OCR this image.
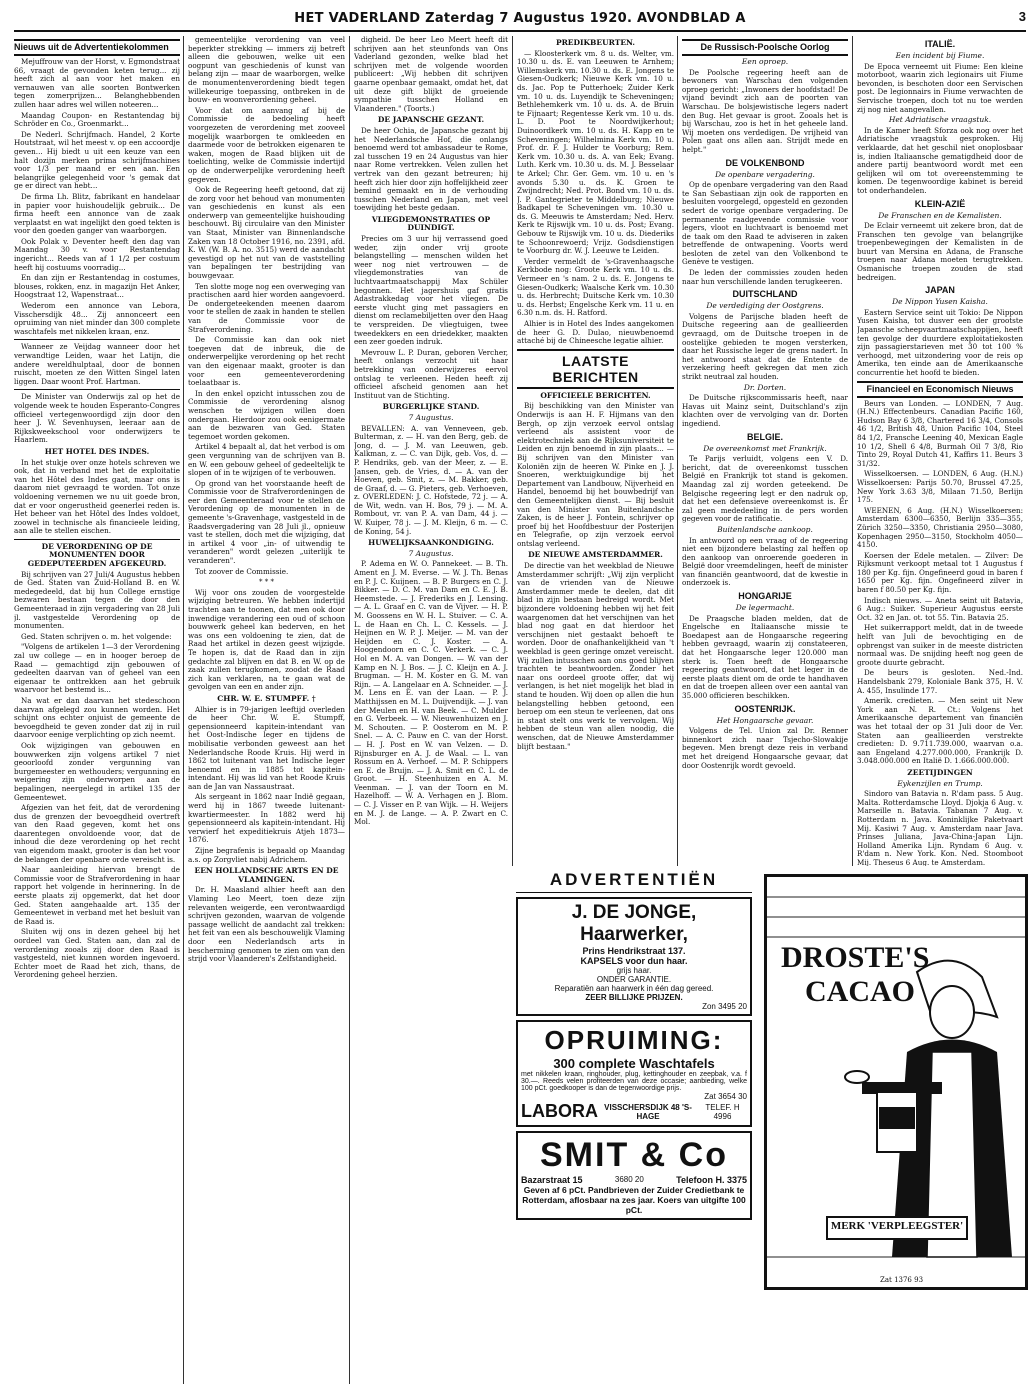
HET VADERLAND Zaterdag 7 Augustus 1920. AVONDBLAD A	3
Nieuws uit de Advertentiekolommen

Mejuffrouw van der Horst, v. Egmondstraat 66, vraagt de gevonden keten terug... zij heeft zich al aan voor het maken en vernauwen van alle soorten Bontwerken tegen zomerprijzen... Belanghebbenden zullen haar adres wel willen noteeren...

Maandag Coupon- en Restantendag bij Schröder en Co., Groenmarkt...

De Nederl. Schrijfmach. Handel, 2 Korte Houtstraat, wil het meest v. op een accoordje geven... Hij biedt u uit een keuze van een halt dozijn merken prima schrijfmachines voor 1/3 per maand er een aan. Een belangrijke gelegenheid voor 's gemak dat ge er direct van hebt...

De firma Lh. Blitz, fabrikant en handelaar in papier voor huishoudelijk gebruik... De firma heeft een annonce van de zaak verplaatst en wat ingelijkt den goed tekten is voor den goeden ganger van waarborgen.

Ook Polak v. Deventer heeft den dag van Maandag 30 v. voor Restantendag ingericht... Reeds van af 1 1/2 per costuum heeft hij costuums voorradig...

En dan zijn er Restantendag in costumes, blouses, rokken, enz. in magazijn Het Anker, Hoogstraat 12, Wapenstraat...

Wederom een annonce van Lebora, Visschersdijk 48... Zij annonceert een opruiming van niet minder dan 300 complete waschtafels met nikkelen kraan, enz.

Wanneer ze Veijdag wanneer door het verwandtige Leiden, waar het Latijn, die andere wereldhulptaal, door de bonnen ruischt, moeten ze den Witten Singel laten liggen. Daar woont Prof. Hartman.

De Minister van Onderwijs zal op het de volgende week te houden Esperanto-Congres officieel vertegenwoordigd zijn door den heer J. W. Sevenhuysen, leeraar aan de Rijkskweekschool voor onderwijzers te Haarlem.

HET HOTEL DES INDES.

In het stukje over onze hotels schreven we ook, dat in verband met het de exploitatie van het Hôtel des Indes gaat, maar ons is daarom niet gevraagd te worden. Tot onze voldoening vernemen we nu uit goede bron, dat er voor ongerustheid geenerlei reden is. Het beheer van het Hôtel des Indes voldoet, zoowel in technische als financieele leiding, aan alle te stellen eischen.

DE VERORDENING OP DE MONUMENTEN DOOR GEDEPUTEERDEN AFGEKEURD.

Bij schrijven van 27 Juli/4 Augustus hebben de Ged. Staten van Zuid-Holland B. en W. medegedeeld, dat bij hun College ernstige bezwaren bestaan tegen de door den Gemeenteraad in zijn vergadering van 28 Juli jl. vastgestelde Verordening op de monumenten.

Ged. Staten schrijven o. m. het volgende:

"Volgens de artikelen 1—3 der Verordening zal uw college — en in hooger beroep de Raad — gemachtigd zijn gebouwen of gedeelten daarvan van of geheel van een eigenaar te onttrekken aan het gebruik waarvoor het bestemd is...

Na wat er dan daarvan het stedeschoon daarvan afgelegd zou kunnen worden. Het schijnt ons echter onjuist de gemeente de bevoegdheid te geven zonder dat zij in ruil daarvoor eenige verplichting op zich neemt.

Ook wijzigingen van gebouwen en bouwwerken zijn volgens artikel 7 niet geoorloofd zonder vergunning van burgemeester en wethouders; vergunning en weigering zijn onderworpen aan de bepalingen, neergelegd in artikel 135 der Gemeentewet.

Afgezien van het feit, dat de verordening dus de grenzen der bevoegdheid overtreft van den Raad gegeven, komt het ons daarentegen onvoldoende voor, dat de inhoud die deze verordening op het recht van eigendom maakt, grooter is dan het voor de belangen der openbare orde vereischt is.

Naar aanleiding hiervan brengt de Commissie voor de Strafverordening in haar rapport het volgende in herinnering. In de eerste plaats zij opgemerkt, dat het door Ged. Staten aangehaalde art. 135 der Gemeentewet in verband met het besluit van de Raad is.

Sluiten wij ons in dezen geheel bij het oordeel van Ged. Staten aan, dan zal de verordening zooals zij door den Raad is vastgesteld, niet kunnen worden ingevoerd. Echter moet de Raad het zich, thans, de Verordening geheel herzien.

gemeentelijke verordening van veel beperkter strekking — immers zij betreft alleen die gebouwen, welke uit een oogpunt van geschiedenis of kunst van belang zijn — maar de waarborgen, welke de monumentenverordening biedt tegen willekeurige toepassing, ontbreken in de bouw- en woonverordening geheel.

Voor dat om aanvang af bij de Commissie de bedoeling heeft voorgezeten de verordening met zooveel mogelijk waarborgen te omkleeden en daarmede voor de betrokken eigenaren te waken, mogen de Raad blijken uit de toelichting, welke de Commissie indertijd op de onderwerpelijke verordening heeft gegeven.

Ook de Regeering heeft getoond, dat zij de zorg voor het behoud van monumenten van geschiedenis en kunst als een onderwerp van gemeentelijke huishouding beschouwt. Bij circulaire van den Minister van Staat, Minister van Binnenlandsche Zaken van 18 October 1916, no. 2391, afd. K. W. (W. B. A. no. 3515) werd de aandacht gevestigd op het nut van de vaststelling van bepalingen ter bestrijding van bouwgevaar.

Ten slotte moge nog een overweging van practischen aard hier worden aangevoerd. De ondergeteekenden meenen daarom voor te stellen de zaak in handen te stellen van de Commissie voor de Strafverordening.

De Commissie kan dan ook niet toegeven dat de inbreuk, die de onderwerpelijke verordening op het recht van den eigenaar maakt, grooter is dan voor een gemeenteverordening toelaatbaar is.

In den enkel opzicht intusschen zou de Commissie de verordening alsnog wenschen te wijzigen willen doen ondergaan. Hierdoor zou ook eenigermate aan de bezwaren van Ged. Staten tegemoet worden gekomen.

Artikel 4 bepaalt al, dat het verbod is om geen vergunning van de schrijven van B. en W. een gebouw geheel of gedeeltelijk te slopen of in te wijzigen of te verbouwen.

Op grond van het voorstaande heeft de Commissie voor de Strafverordeningen de eer den Gemeenteraad voor te stellen de Verordening op de monumenten in de gemeente 's-Gravenhage, vastgesteld in de Raadsvergadering van 28 Juli jl., opnieuw vast te stellen, doch met die wijziging, dat in artikel 4 voor „in- of uitwendig te veranderen" wordt gelezen „uiterlijk te veranderen".

Tot zoover de Commissie.

* * *

Wij voor ons zouden de voorgestelde wijziging betreuren. We hebben indertijd trachten aan te toonen, dat men ook door inwendige verandering een oud of schoon bouwwerk geheel kan bederven, en het was ons een voldoening te zien, dat de Raad het artikel in dezen geest wijzigde. Te hopen is, dat de Raad dan in zijn gedachte zal blijven en dat B. en W. op de zaak zullen terugkomen, zoodat de Raad zich kan verklaren, na te gaan wat de gevolgen van een en ander zijn.

CHR. W. E. STUMPFF. †

Alhier is in 79-jarigen leeftijd overleden de heer Chr. W. E. Stumpff, gepensionneerd kapitein-intendant van het Oost-Indische leger en tijdens de mobilisatie verbonden geweest aan het Nederlandsche Roode Kruis. Hij werd in 1862 tot luitenant van het Indische leger benoemd en in 1885 tot kapitein-intendant. Hij was lid van het Roode Kruis aan de Jan van Nassaustraat.

Als sergeant in 1862 naar Indië gegaan, werd hij in 1867 tweede luitenant-kwartiermeester. In 1882 werd hij gepensionneerd als kapitein-intendant. Hij verwierf het expeditiekruis Atjeh 1873—1876.

Zijne begrafenis is bepaald op Maandag a.s. op Zorgvliet nabij Adrichem.

EEN HOLLANDSCHE ARTS EN DE VLAMINGEN.

Dr. H. Maasland alhier heeft aan den Vlaming Leo Meert, toen deze zijn relevanten weigerde, een verontwaardigd schrijven gezonden, waarvan de volgende passage wellicht de aandacht zal trekken: het feit van een als beschouwelijk Vlaming door een Nederlandsch arts in bescherming genomen te zien om van den strijd voor Vlaanderen's Zelfstandigheid.

digheid. De heer Leo Meert heeft dit schrijven aan het steunfonds van Ons Vaderland gezonden, welke blad het schrijven met de volgende woorden publiceert: „Wij hebben dit schrijven gaarne openbaar gemaakt, omdat het, dat uit deze gift blijkt de groeiende sympathie tusschen Holland en Vlaanderen." (Toorts.)

DE JAPANSCHE GEZANT.

De heer Ochia, de Japansche gezant bij het Nederlandsche Hof, die onlangs benoemd werd tot ambassadeur te Rome, zal tusschen 19 en 24 Augustus van hier naar Rome vertrekken. Velen zullen het vertrek van den gezant betreuren; hij heeft zich hier door zijn hoffelijkheid zeer bemind gemaakt en in de verhouding tusschen Nederland en Japan, met veel toewijding het beste gedaan.

VLIEGDEMONSTRATIES OP DUINDIGT.

Precies om 3 uur hij verrassend goed weder, zijn onder vrij groote belangstelling — menschen wilden het weer nog niet vertrouwen — de vliegdemonstraties van de luchtvaartmaatschappij Max Schüler begonnen. Het jagershuis gaf gratis Adastrakkedag voor het vliegen. De eerste vlucht ging met passagiers en dienst om reclamebiljetten over den Haag te verspreiden. De vliegtuigen, twee tweedekkers en een driedekker, maakten een zeer goeden indruk.

Mevrouw L. P. Duran, geboren Vercher, heeft onlangs verzocht uit haar betrekking van onderwijzeres eervol ontslag te verleenen. Heden heeft zij officieel afscheid genomen aan het Instituut van de Stichting.

BURGERLIJKE STAND.
7 Augustus.

BEVALLEN: A. van Venneveen, geb. Bulterman, z. — H. van den Berg, geb. de Jong, d. — J. M. van Leeuwen, geb. Kalkman, z. — C. van Dijk, geb. Vos, d. — P. Hendriks, geb. van der Meer, z. — E. Jansen, geb. de Vries, d. — A. van der Hoeven, geb. Smit, z. — M. Bakker, geb. de Graaf, d. — G. Pieters, geb. Verhoeven, z. OVERLEDEN: J. C. Hofstede, 72 j. — A. de Wit, wedn. van H. Bos, 79 j. — M. A. Rombout, vr. van P. A. van Dam, 44 j. — W. Kuiper, 78 j. — J. M. Kleijn, 6 m. — C. de Koning, 54 j.

HUWELIJKSAANKONDIGING.
7 Augustus.

P. Adema en W. O. Pannekeet. — B. Th. Ament en J. M. Everse. — W. J. Th. Benas en P. J. C. Kuijnen. — B. P. Burgers en C. J. Bikker. — D. C. M. van Dam en C. E. J. B. Heemstede. — J. Frederiks en J. Lensing. — A. L. Graaf en C. van de Vijver. — H. P. M. Goossens en W. H. L. Stuiver. — C. A. L. de Haan en Ch. L. C. Kessels. — J. Heijnen en W. P. J. Meijer. — M. van der Heijden en C. J. Koster. — A. Hoogendoorn en C. C. Verkerk. — C. J. Hol en M. A. van Dongen. — W. van der Kamp en N. J. Bos. — J. C. Kleijn en A. J. Brugman. — H. M. Koster en G. M. van Rijn. — A. Langelaar en A. Schneider. — J. M. Lens en E. van der Laan. — P. J. Matthijssen en M. L. Duijvendijk. — J. van der Meulen en H. van Beek. — C. Mulder en G. Verbeek. — W. Nieuwenhuizen en J. M. Schouten. — P. Oosterom en M. P. Snel. — A. C. Pauw en C. van der Horst. — H. J. Post en W. van Velzen. — D. Rijnsburger en A. J. de Waal. — L. van Rossum en A. Verhoef. — M. P. Schippers en E. de Bruijn. — J. A. Smit en C. L. de Groot. — H. Steenhuizen en A. M. Veenman. — J. van der Toorn en M. Hazelhoff. — W. A. Verhagen en J. Blom. — C. J. Visser en P. van Wijk. — H. Weijers en M. J. de Lange. — A. P. Zwart en C. Mol.

PREDIKBEURTEN.

— Kloosterkerk vm. 8 u. ds. Welter, vm. 10.30 u. ds. E. van Leeuwen te Arnhem; Willemskerk vm. 10.30 u. ds. E. Jongens te Giesen-Oudkerk; Nieuwe Kerk vm. 10 u. ds. Jac. Pop te Putterhoek; Zuider Kerk vm. 10 u. ds. Luyendijk te Scheveningen; Bethlehemkerk vm. 10 u. ds. A. de Bruin te Fijnaart; Regentesse Kerk vm. 10 u. ds. L. D. Poot te Noordwijkerhout; Duinoordkerk vm. 10 u. ds. H. Kapp en te Scheveningen; Wilhelmina Kerk vm. 10 u. Prof. dr. F. J. Hulder te Voorburg; Rem. Kerk vm. 10.30 u. ds. A. van Eek; Evang. Luth. Kerk vm. 10.30 u. ds. M. J. Besselaar te Arkel; Chr. Ger. Gem. vm. 10 u. en 's avonds 5.30 u. ds. K. Groen te Zwijndrecht; Ned. Prot. Bond vm. 10 u. ds. J. P. Gantegrieter te Middelburg; Nieuwe Badkapel te Scheveningen vm. 10.30 u. ds. G. Meeuwis te Amsterdam; Ned. Herv. Kerk te Rijswijk vm. 10 u. ds. Post; Evang. Gebouw te Rijswijk vm. 10 u. ds. Diederiks te Schoonrewoerd; Vrijz. Godsdienstigen te Voorburg dr. W. J. Leeuwe te Leiden.

Verder vermeldt de 's-Gravenhaagsche Kerkbode nog: Groote Kerk vm. 10 u. ds. Vermeer en 's nam. 2 u. ds. E. Jongens te Giesen-Oudkerk; Waalsche Kerk vm. 10.30 u. ds. Herbrecht; Duitsche Kerk vm. 10.30 u. ds. Herbst; Engelsche Kerk vm. 11 u. en 6.30 n.m. ds. H. Ratford.

Alhier is in Hotel des Indes aangekomen de heer G. D. Dulao, nieuwbenoemd attaché bij de Chineesche legatie alhier.

LAATSTE BERICHTEN
OFFICIEELE BERICHTEN.

Bij beschikking van den Minister van Onderwijs is aan H. F. Hijmans van den Bergh, op zijn verzoek eervol ontslag verleend als assistent voor de elektrotechniek aan de Rijksuniversiteit te Leiden en zijn benoemd in zijn plaats... — Bij schrijven van den Minister van Koloniën zijn de heeren W. Pinke en J. J. Snoeren, werktuigkundige bij het Departement van Landbouw, Nijverheid en Handel, benoemd bij het bouwbedrijf van den Gemeentelijken dienst. — Bij besluit van den Minister van Buitenlandsche Zaken, is de heer J. Fontein, schrijver op proef bij het Hoofdbestuur der Posterijen en Telegrafie, op zijn verzoek eervol ontslag verleend.

DE NIEUWE AMSTERDAMMER.

De directie van het weekblad de Nieuwe Amsterdammer schrijft: „Wij zijn verplicht van de vrienden van de Nieuwe Amsterdammer mede te deelen, dat dit blad in zijn bestaan bedreigd wordt. Met bijzondere voldoening hebben wij het feit waargenomen dat het verschijnen van het blad nog gaat en dat hierdoor het verschijnen niet gestaakt behoeft te worden. Door de onafhankelijkheid van 't weekblad is geen geringe omzet vereischt. Wij zullen intusschen aan ons goed blijven trachten te beantwoorden. Zonder het naar ons oordeel groote offer, dat wij verlangen, is het niet mogelijk het blad in stand te houden. Wij doen op allen die hun belangstelling hebben getoond, een beroep om een steun te verleenen, dat ons in staat stelt ons werk te vervolgen. Wij hebben de steun van allen noodig, die wenschen, dat de Nieuwe Amsterdammer blijft bestaan."

De Russisch-Poolsche Oorlog
Een oproep.

De Poolsche regeering heeft aan de bewoners van Warschau den volgenden oproep gericht: „Inwoners der hoofdstad! De vijand bevindt zich aan de poorten van Warschau. De bolsjewistische legers nadert den Bug. Het gevaar is groot. Zooals het is bij Warschau, zoo is het in het geheele land. Wij moeten ons verdedigen. De vrijheid van Polen gaat ons allen aan. Strijdt mede en helpt."

DE VOLKENBOND
De openbare vergadering.

Op de openbare vergadering van den Raad te San Sebastiaan zijn ook de rapporten en besluiten voorgelegd, opgesteld en gezonden sedert de vorige openbare vergadering. De permanente raadgevende commissie voor legers, vloot en luchtvaart is benoemd met de taak om den Raad te adviseren in zaken betreffende de ontwapening. Voorts werd besloten de zetel van den Volkenbond te Genève te vestigen.

De leden der commissies zouden heden naar hun verschillende landen terugkeeren.

DUITSCHLAND
De verdediging der Oostgrens.

Volgens de Parijsche bladen heeft de Duitsche regeering aan de geallieerden gevraagd, om de Duitsche troepen in de oostelijke gebieden te mogen versterken, daar het Russische leger de grens nadert. In het antwoord staat dat de Entente de verzekering heeft gekregen dat men zich strikt neutraal zal houden.

Dr. Dorten.

De Duitsche rijkscommissaris heeft, naar Havas uit Mainz seint, Duitschland's zijn klachten over de vervolging van dr. Dorten ingediend.

BELGIE.
De overeenkomst met Frankrijk.

Te Parijs verluidt, volgens een V. D. bericht, dat de overeenkomst tusschen België en Frankrijk tot stand is gekomen. Maandag zal zij worden geteekend. De Belgische regeering legt er den nadruk op, dat het een defensieve overeenkomst is. Er zal geen mededeeling in de pers worden gegeven voor de ratificatie.

Buitenlandsche aankoop.

In antwoord op een vraag of de regeering niet een bijzondere belasting zal heffen op den aankoop van onroerende goederen in België door vreemdelingen, heeft de minister van financiën geantwoord, dat de kwestie in onderzoek is.

HONGARIJE
De legermacht.

De Praagsche bladen melden, dat de Engelsche en Italiaansche missie te Boedapest aan de Hongaarsche regeering hebben gevraagd, waarin zij constateeren, dat het Hongaarsche leger 120.000 man sterk is. Toen heeft de Hongaarsche regeering geantwoord, dat het leger in de eerste plaats dient om de orde te handhaven en dat de troepen alleen over een aantal van 35.000 officieren beschikken.

OOSTENRIJK.
Het Hongaarsche gevaar.

Volgens de Tel. Union zal Dr. Renner binnenkort zich naar Tsjecho-Slowakije begeven. Men brengt deze reis in verband met het dreigend Hongaarsche gevaar, dat door Oostenrijk wordt gevoeld.

ITALIË.
Een incident bij Fiume.

De Epoca verneemt uit Fiume: Een kleine motorboot, waarin zich legionairs uit Fiume bevonden, is beschoten door een Servischen post. De legionnairs in Fiume verwachten de Servische troepen, doch tot nu toe werden zij nog niet aangevallen.

Het Adriatische vraagstuk.

In de Kamer heeft Sforza ook nog over het Adriatische vraagstuk gesproken. Hij verklaarde, dat het geschil niet onoplosbaar is, indien Italiaansche gematigdheid door de andere partij beantwoord wordt met een gelijken wil om tot overeenstemming te komen. De tegenwoordige kabinet is bereid tot onderhandelen.

KLEIN-AZIË
De Franschen en de Kemalisten.

De Eclair verneemt uit zekere bron, dat de Franschen ten gevolge van belangrijke troepenbewegingen der Kemalisten in de buurt van Mersina en Adana, de Fransche troepen naar Adana moeten terugtrekken. Osmanische troepen zouden de stad bedreigen.

JAPAN
De Nippon Yusen Kaisha.

Eastern Service seint uit Tokio: De Nippon Yusen Kaisha, tot dusver een der grootste Japansche scheepvaartmaatschappijen, heeft ten gevolge der duurdere exploitatiekosten zijn passagierstarieven met 30 tot 100 % verhoogd, met uitzondering voor de reis op Amerika, ten einde aan de Amerikaansche concurrentie het hoofd te bieden.

Financieel en Economisch Nieuws

Beurs van Londen. — LONDEN, 7 Aug. (H.N.) Effectenbeurs. Canadian Pacific 160, Hudson Bay 6 3/8, Chartered 16 3/4, Consols 46 1/2, British 48, Union Pacific 104, Steel 84 1/2, Fransche Leening 40, Mexican Eagle 10 1/2, Shell 6 4/8, Burmah Oil 7 3/8, Rio Tinto 29, Royal Dutch 41, Kaffirs 11. Beurs 3 31/32.

Wisselkoersen. — LONDEN, 6 Aug. (H.N.) Wisselkoersen: Parijs 50.70, Brussel 47.25, New York 3.63 3/8, Milaan 71.50, Berlijn 175.

WEENEN, 6 Aug. (H.N.) Wisselkoersen: Amsterdam 6300—6350, Berlijn 335—355, Zürich 3250—3350, Christiania 2950—3080, Kopenhagen 2950—3150, Stockholm 4050—4150.

Koersen der Edele metalen. — Zilver: De Rijksmunt verkoopt metaal tot 1 Augustus f 180 per Kg. fijn. Ongefineerd goud in baren f 1650 per Kg. fijn. Ongefineerd zilver in baren f 80.50 per Kg. fijn.

Indisch nieuws. — Aneta seint uit Batavia, 6 Aug.: Suiker. Superieur Augustus eerste Oct. 32 en Jan. ot. tot 55. Tin. Batavia 25.

Het suikerrapport meldt, dat in de tweede helft van Juli de bevochtiging en de opbrengst van suiker in de meeste districten normaal was. De snijding heeft nog geen de groote duurte gebracht.

De beurs is gesloten. Ned.-Ind. Handelsbank 279, Koloniale Bank 375, H. V. A. 455, Insulinde 177.

Amerik. credieten. — Men seint uit New York aan N. R. Ct.: Volgens het Amerikaansche departement van financiën was het totaal der op 31 Juli door de Ver. Staten aan geallieerden verstrekte credieten: D. 9.711.739.000, waarvan o.a. aan Engeland 4.277.000.000, Frankrijk D. 3.048.000.000 en Italië D. 1.666.000.000.

ZEETIJDINGEN
Eykenzijlen en Trump.

Sindoro van Batavia n. R'dam pass. 5 Aug. Malta. Rotterdamsche Lloyd. Djokja 6 Aug. v. Marseille n. Batavia. Tabanan 7 Aug. v. Rotterdam n. Java. Koninklijke Paketvaart Mij. Kasiwi 7 Aug. v. Amsterdam naar Java. Prinses Juliana, Java-China-Japan Lijn. Holland Amerika Lijn. Ryndam 6 Aug. v. R'dam n. New York. Kon. Ned. Stoomboot Mij. Theseus 6 Aug. te Amsterdam.

ADVERTENTIËN
J. DE JONGE, Haarwerker,
Prins Hendrikstraat 137.
KAPSELS voor dun haar.
grijs haar.
ONDER GARANTIE.
Reparatiën aan haarwerk in één dag gereed.
ZEER BILLIJKE PRIJZEN.
Zon 3495 20
OPRUIMING:
300 complete Waschtafels
met nikkelen kraan, ringhouder, plug, kettinghouder en zeepbak, v.a. f 30.—. Reeds velen profiteerden van deze occasie; aanbieding, welke 100 pCt. goedkooper is dan de tegenwoordige prijs.
Zat 3654 30
LABORA VISSCHERSDIJK 48 'S-HAGE
TELEF. H 4996
SMIT & Co
Bazarstraat 15	3680 20	Telefoon H. 3375
Geven af 6 pCt. Pandbrieven der Zuider Credietbank te Rotterdam, aflosbaar na zes jaar. Koers van uitgifte 100 pCt.
DROSTE'S
CACAO
MERK 'VERPLEEGSTER'
Zat 1376 93
